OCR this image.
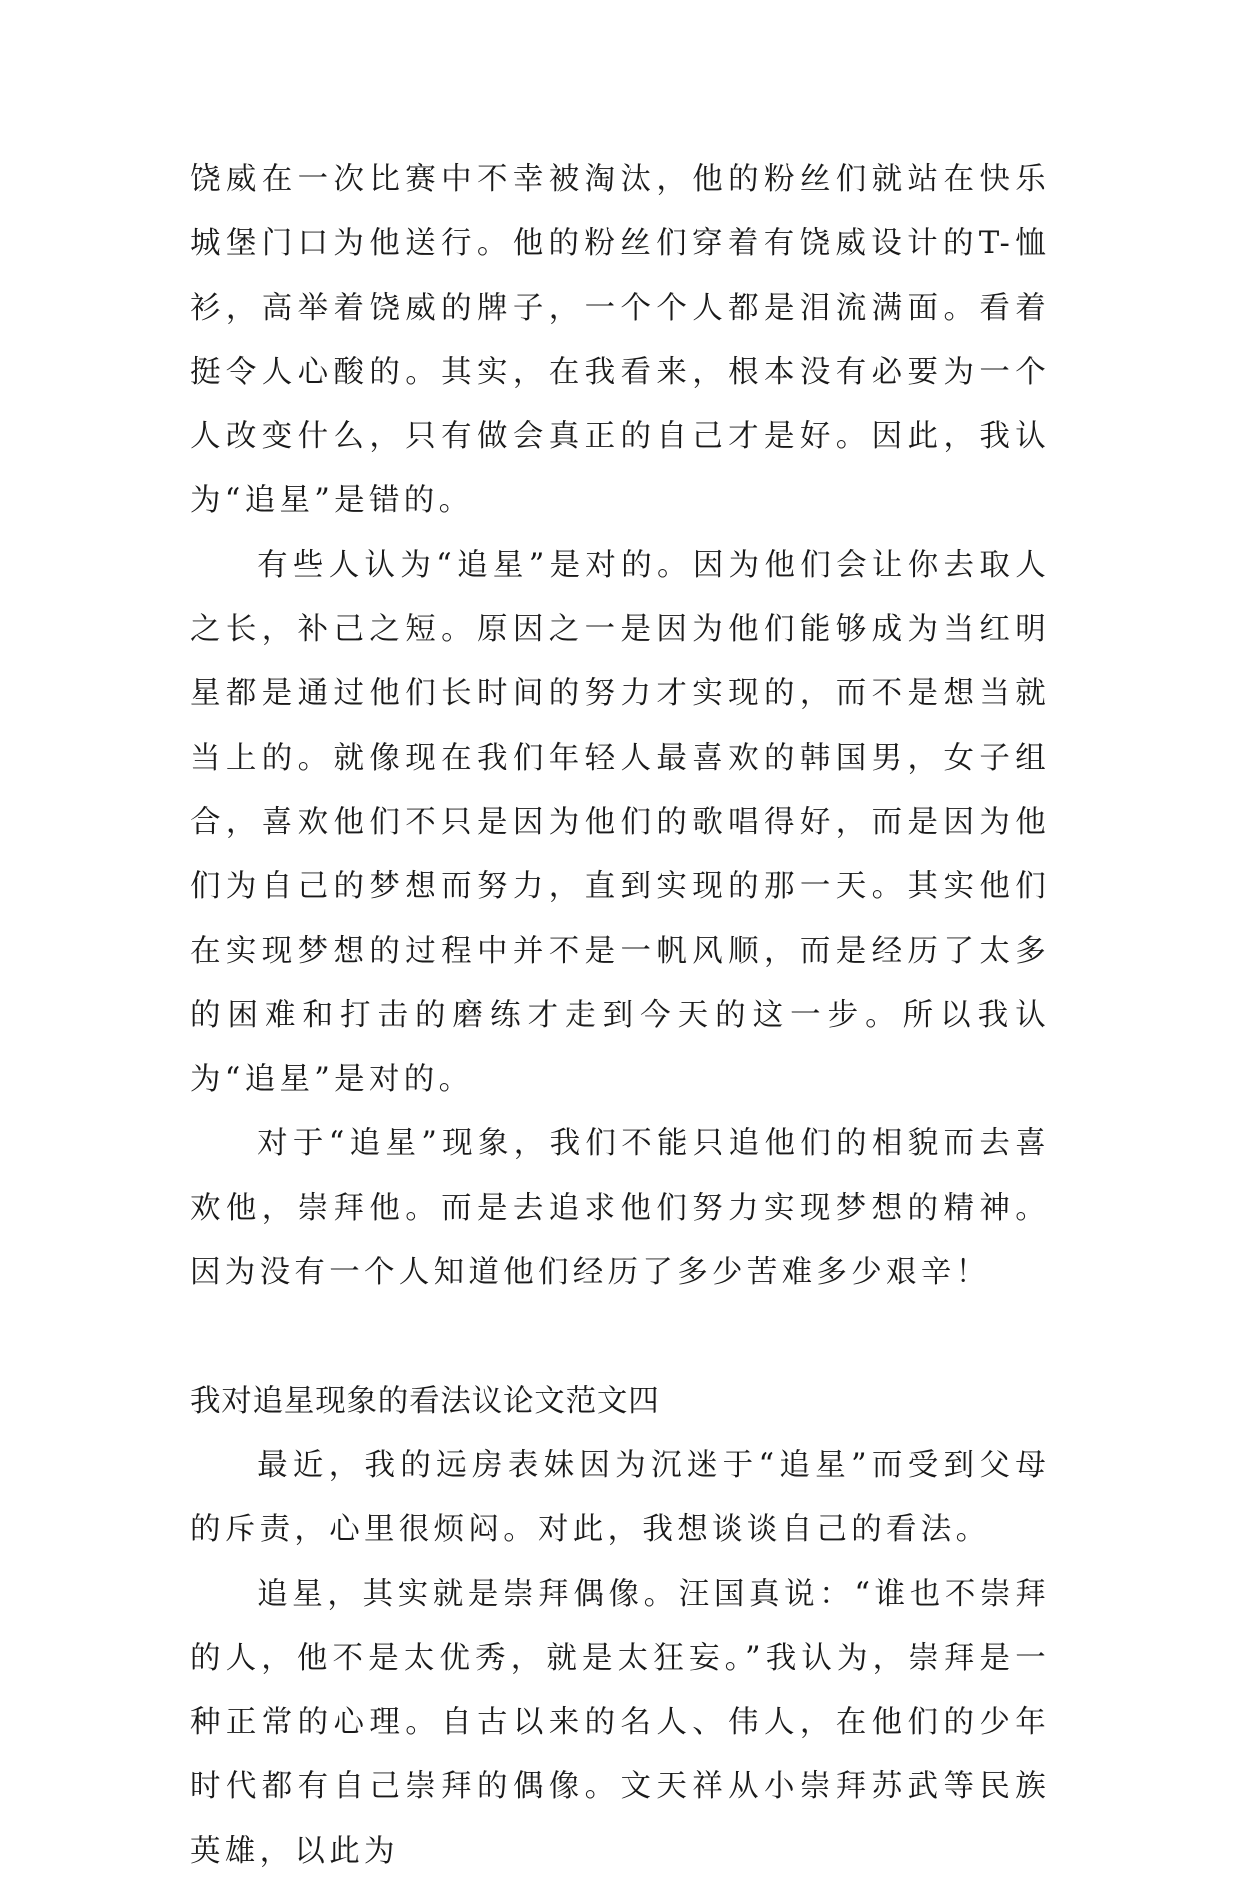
饶威在一次比赛中不幸被淘汰，他的粉丝们就站在快乐城堡门口为他送行。他的粉丝们穿着有饶威设计的T-恤衫，高举着饶威的牌子，一个个人都是泪流满面。看着挺令人心酸的。其实，在我看来，根本没有必要为一个人改变什么，只有做会真正的自己才是好。因此，我认为“追星”是错的。

有些人认为“追星”是对的。因为他们会让你去取人之长，补己之短。原因之一是因为他们能够成为当红明星都是通过他们长时间的努力才实现的，而不是想当就当上的。就像现在我们年轻人最喜欢的韩国男，女子组合，喜欢他们不只是因为他们的歌唱得好，而是因为他们为自己的梦想而努力，直到实现的那一天。其实他们在实现梦想的过程中并不是一帆风顺，而是经历了太多的困难和打击的磨练才走到今天的这一步。所以我认为“追星”是对的。

对于“追星”现象，我们不能只追他们的相貌而去喜欢他，崇拜他。而是去追求他们努力实现梦想的精神。因为没有一个人知道他们经历了多少苦难多少艰辛！

我对追星现象的看法议论文范文四

最近，我的远房表妹因为沉迷于“追星”而受到父母的斥责，心里很烦闷。对此，我想谈谈自己的看法。

追星，其实就是崇拜偶像。汪国真说：“谁也不崇拜的人，他不是太优秀，就是太狂妄。”我认为，崇拜是一种正常的心理。自古以来的名人、伟人，在他们的少年时代都有自己崇拜的偶像。文天祥从小崇拜苏武等民族英雄，以此为
